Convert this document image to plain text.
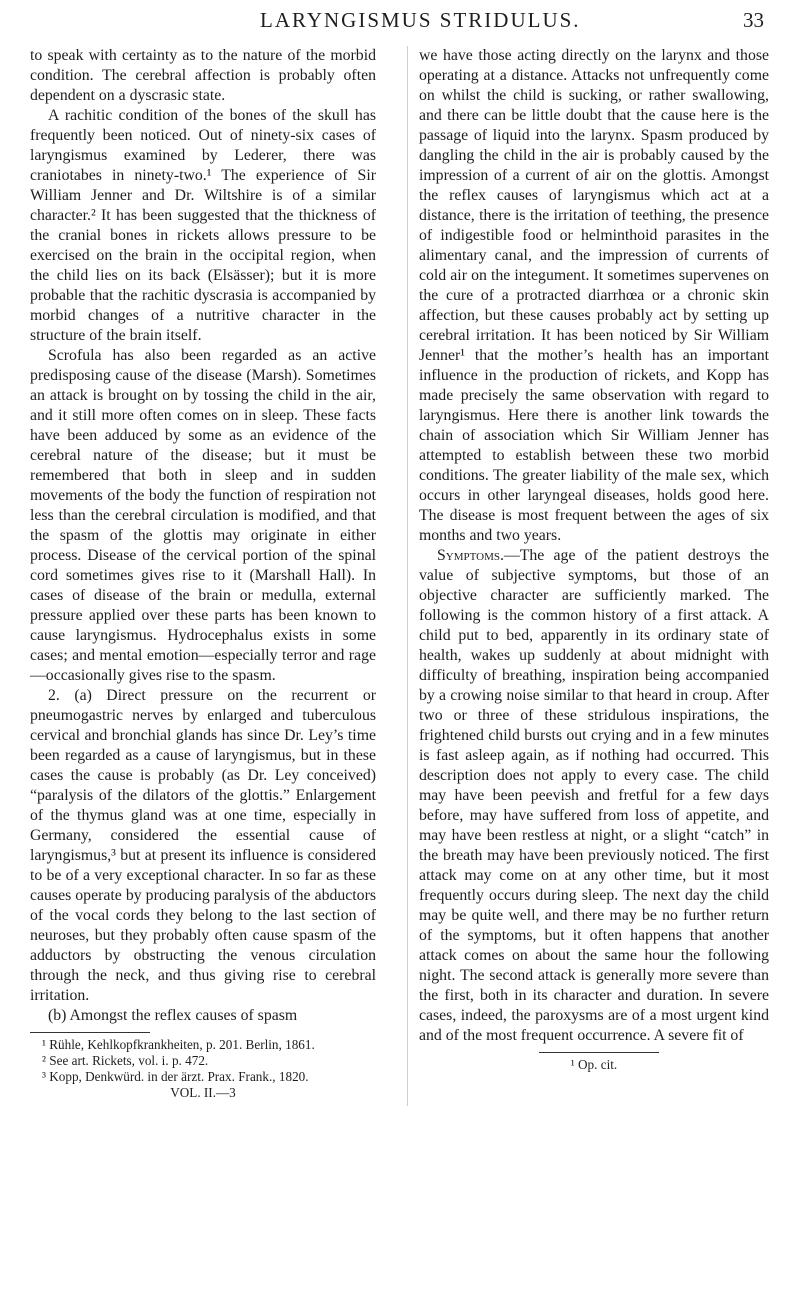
LARYNGISMUS STRIDULUS.	33

to speak with certainty as to the nature of the morbid condition. The cerebral affection is probably often dependent on a dyscrasic state.

A rachitic condition of the bones of the skull has frequently been noticed. Out of ninety-six cases of laryngismus examined by Lederer, there was craniotabes in ninety-two.¹ The experience of Sir William Jenner and Dr. Wiltshire is of a similar character.² It has been suggested that the thickness of the cranial bones in rickets allows pressure to be exercised on the brain in the occipital region, when the child lies on its back (Elsässer); but it is more probable that the rachitic dyscrasia is accompanied by morbid changes of a nutritive character in the structure of the brain itself.

Scrofula has also been regarded as an active predisposing cause of the disease (Marsh). Sometimes an attack is brought on by tossing the child in the air, and it still more often comes on in sleep. These facts have been adduced by some as an evidence of the cerebral nature of the disease; but it must be remembered that both in sleep and in sudden movements of the body the function of respiration not less than the cerebral circulation is modified, and that the spasm of the glottis may originate in either process. Disease of the cervical portion of the spinal cord sometimes gives rise to it (Marshall Hall). In cases of disease of the brain or medulla, external pressure applied over these parts has been known to cause laryngismus. Hydrocephalus exists in some cases; and mental emotion—especially terror and rage—occasionally gives rise to the spasm.

2. (a) Direct pressure on the recurrent or pneumogastric nerves by enlarged and tuberculous cervical and bronchial glands has since Dr. Ley’s time been regarded as a cause of laryngismus, but in these cases the cause is probably (as Dr. Ley conceived) “paralysis of the dilators of the glottis.” Enlargement of the thymus gland was at one time, especially in Germany, considered the essential cause of laryngismus,³ but at present its influence is considered to be of a very exceptional character. In so far as these causes operate by producing paralysis of the abductors of the vocal cords they belong to the last section of neuroses, but they probably often cause spasm of the adductors by obstructing the venous circulation through the neck, and thus giving rise to cerebral irritation.

(b) Amongst the reflex causes of spasm

¹ Rühle, Kehlkopfkrankheiten, p. 201. Berlin, 1861.

² See art. Rickets, vol. i. p. 472.

³ Kopp, Denkwürd. in der ärzt. Prax. Frank., 1820.

VOL. II.—3

we have those acting directly on the larynx and those operating at a distance. Attacks not unfrequently come on whilst the child is sucking, or rather swallowing, and there can be little doubt that the cause here is the passage of liquid into the larynx. Spasm produced by dangling the child in the air is probably caused by the impression of a current of air on the glottis. Amongst the reflex causes of laryngismus which act at a distance, there is the irritation of teething, the presence of indigestible food or helminthoid parasites in the alimentary canal, and the impression of currents of cold air on the integument. It sometimes supervenes on the cure of a protracted diarrhœa or a chronic skin affection, but these causes probably act by setting up cerebral irritation. It has been noticed by Sir William Jenner¹ that the mother’s health has an important influence in the production of rickets, and Kopp has made precisely the same observation with regard to laryngismus. Here there is another link towards the chain of association which Sir William Jenner has attempted to establish between these two morbid conditions. The greater liability of the male sex, which occurs in other laryngeal diseases, holds good here. The disease is most frequent between the ages of six months and two years.

Symptoms.—The age of the patient destroys the value of subjective symptoms, but those of an objective character are sufficiently marked. The following is the common history of a first attack. A child put to bed, apparently in its ordinary state of health, wakes up suddenly at about midnight with difficulty of breathing, inspiration being accompanied by a crowing noise similar to that heard in croup. After two or three of these stridulous inspirations, the frightened child bursts out crying and in a few minutes is fast asleep again, as if nothing had occurred. This description does not apply to every case. The child may have been peevish and fretful for a few days before, may have suffered from loss of appetite, and may have been restless at night, or a slight “catch” in the breath may have been previously noticed. The first attack may come on at any other time, but it most frequently occurs during sleep. The next day the child may be quite well, and there may be no further return of the symptoms, but it often happens that another attack comes on about the same hour the following night. The second attack is generally more severe than the first, both in its character and duration. In severe cases, indeed, the paroxysms are of a most urgent kind and of the most frequent occurrence. A severe fit of

¹ Op. cit.
